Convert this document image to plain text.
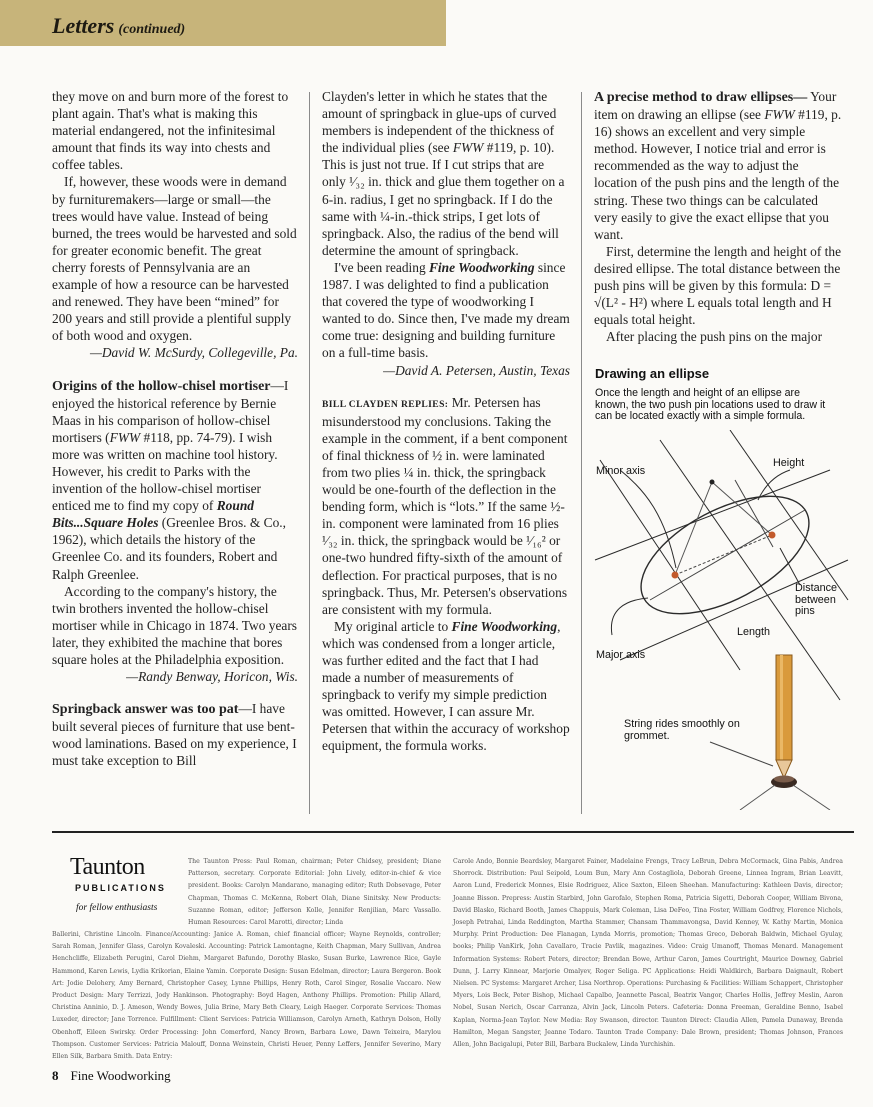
Letters (continued)

they move on and burn more of the forest to plant again. That's what is making this material endangered, not the infinitesimal amount that finds its way into chests and coffee tables.

If, however, these woods were in demand by furnituremakers—large or small—the trees would have value. Instead of being burned, the trees would be harvested and sold for greater economic benefit. The great cherry forests of Pennsylvania are an example of how a resource can be harvested and renewed. They have been “mined” for 200 years and still provide a plentiful supply of both wood and oxygen.

—David W. McSurdy, Collegeville, Pa.

Origins of the hollow-chisel mortiser—I enjoyed the historical reference by Bernie Maas in his comparison of hollow-chisel mortisers (FWW #118, pp. 74-79). I wish more was written on machine tool history. However, his credit to Parks with the invention of the hollow-chisel mortiser enticed me to find my copy of Round Bits...Square Holes (Greenlee Bros. & Co., 1962), which details the history of the Greenlee Co. and its founders, Robert and Ralph Greenlee.

According to the company's history, the twin brothers invented the hollow-chisel mortiser while in Chicago in 1874. Two years later, they exhibited the machine that bores square holes at the Philadelphia exposition.

—Randy Benway, Horicon, Wis.

Springback answer was too pat—I have built several pieces of furniture that use bent-wood laminations. Based on my experience, I must take exception to Bill

Clayden's letter in which he states that the amount of springback in glue-ups of curved members is independent of the thickness of the individual plies (see FWW #119, p. 10). This is just not true. If I cut strips that are only ¹⁄₃₂ in. thick and glue them together on a 6-in. radius, I get no springback. If I do the same with ¼-in.-thick strips, I get lots of springback. Also, the radius of the bend will determine the amount of springback.

I've been reading Fine Woodworking since 1987. I was delighted to find a publication that covered the type of woodworking I wanted to do. Since then, I've made my dream come true: designing and building furniture on a full-time basis.

—David A. Petersen, Austin, Texas

BILL CLAYDEN REPLIES: Mr. Petersen has misunderstood my conclusions. Taking the example in the comment, if a bent component of final thickness of ½ in. were laminated from two plies ¼ in. thick, the springback would be one-fourth of the deflection in the bending form, which is “lots.” If the same ½-in. component were laminated from 16 plies ¹⁄₃₂ in. thick, the springback would be ¹⁄₁₆² or one-two hundred fifty-sixth of the amount of deflection. For practical purposes, that is no springback. Thus, Mr. Petersen's observations are consistent with my formula.

My original article to Fine Woodworking, which was condensed from a longer article, was further edited and the fact that I had made a number of measurements of springback to verify my simple prediction was omitted. However, I can assure Mr. Petersen that within the accuracy of workshop equipment, the formula works.

A precise method to draw ellipses— Your item on drawing an ellipse (see FWW #119, p. 16) shows an excellent and very simple method. However, I notice trial and error is recommended as the way to adjust the location of the push pins and the length of the string. These two things can be calculated very easily to give the exact ellipse that you want.

First, determine the length and height of the desired ellipse. The total distance between the push pins will be given by this formula: D = √(L² - H²) where L equals total length and H equals total height.

After placing the push pins on the major

Drawing an ellipse
Once the length and height of an ellipse are known, the two push pin locations used to draw it can be located exactly with a simple formula.
Minor axis
Height
Distance between pins
Length
Major axis
String rides smoothly on grommet.
Taunton
PUBLICATIONS
for fellow enthusiasts
The Taunton Press: Paul Roman, chairman; Peter Chidsey, president; Diane Patterson, secretary. Corporate Editorial: John Lively, editor-in-chief & vice president. Books: Carolyn Mandarano, managing editor; Ruth Dobsevage, Peter Chapman, Thomas C. McKenna, Robert Olah, Diane Sinitsky. New Products: Suzanne Roman, editor; Jefferson Kolle, Jennifer Renjilian, Marc Vassallo. Human Resources: Carol Marotti, director; Linda
Ballerini, Christine Lincoln. Finance/Accounting: Janice A. Roman, chief financial officer; Wayne Reynolds, controller; Sarah Roman, Jennifer Glass, Carolyn Kovaleski. Accounting: Patrick Lamontagne, Keith Chapman, Mary Sullivan, Andrea Henchcliffe, Elizabeth Perugini, Carol Diehm, Margaret Bafundo, Dorothy Blasko, Susan Burke, Lawrence Rice, Gayle Hammond, Karen Lewis, Lydia Krikorian, Elaine Yamin. Corporate Design: Susan Edelman, director; Laura Bergeron. Book Art: Jodie Delohery, Amy Bernard, Christopher Casey, Lynne Phillips, Henry Roth, Carol Singer, Rosalie Vaccaro. New Product Design: Mary Terrizzi, Jody Hankinson. Photography: Boyd Hagen, Anthony Phillips. Promotion: Philip Allard, Christina Anninio, D. J. Ameson, Wendy Bowes, Julia Brine, Mary Beth Cleary, Leigh Haeger. Corporate Services: Thomas Luxeder, director; Jane Torrence. Fulfillment: Client Services: Patricia Williamson, Carolyn Arneth, Kathryn Dolson, Holly Obenhoff, Eileen Swirsky. Order Processing: John Comerford, Nancy Brown, Barbara Lowe, Dawn Teixeira, Marylou Thompson. Customer Services: Patricia Malouff, Donna Weinstein, Christi Heuer, Penny Leffers, Jennifer Severino, Mary Ellen Silk, Barbara Smith. Data Entry:
Carole Ando, Bonnie Beardsley, Margaret Fainer, Madelaine Frengs, Tracy LeBrun, Debra McCormack, Gina Pabis, Andrea Shorrock. Distribution: Paul Seipold, Loum Bun, Mary Ann Costagliola, Deborah Greene, Linnea Ingram, Brian Leavitt, Aaron Lund, Frederick Monnes, Elsie Rodriguez, Alice Saxton, Eileen Sheehan. Manufacturing: Kathleen Davis, director; Joanne Bisson. Prepress: Austin Starbird, John Garofalo, Stephen Roma, Patricia Sigetti, Deborah Cooper, William Bivona, David Blasko, Richard Booth, James Chappuis, Mark Coleman, Lisa DeFeo, Tina Foster, William Godfrey, Florence Nichols, Joseph Petrahai, Linda Reddington, Martha Stammer, Chansam Thammavongsa, David Kenney, W. Kathy Martin, Monica Murphy. Print Production: Dee Flanagan, Lynda Morris, promotion; Thomas Greco, Deborah Baldwin, Michael Gyulay, books; Philip VanKirk, John Cavallaro, Tracie Pavlik, magazines. Video: Craig Umanoff, Thomas Menard. Management Information Systems: Robert Peters, director; Brendan Bowe, Arthur Caron, James Courtright, Maurice Downey, Gabriel Dunn, J. Larry Kinnear, Marjorie Omalyev, Roger Seliga. PC Applications: Heidi Waldkirch, Barbara Daignault, Robert Nielsen. PC Systems: Margaret Archer, Lisa Northrop. Operations: Purchasing & Facilities: William Schappert, Christopher Myers, Lois Beck, Peter Bishop, Michael Capalbo, Jeannette Pascal, Beatrix Vangor, Charles Hollis, Jeffrey Meslin, Aaron Nobel, Susan Nerich, Oscar Carranza, Alvin Jack, Lincoln Peters. Cafeteria: Donna Freeman, Geraldine Benno, Isabel Kaplan, Norma-Jean Taylor. New Media: Roy Swanson, director. Taunton Direct: Claudia Allen, Pamela Dunaway, Brenda Hamilton, Megan Sangster, Jeanne Todaro. Taunton Trade Company: Dale Brown, president; Thomas Johnson, Frances Allen, John Bacigalupi, Peter Bill, Barbara Buckalew, Linda Yurchishin.
8 Fine Woodworking
